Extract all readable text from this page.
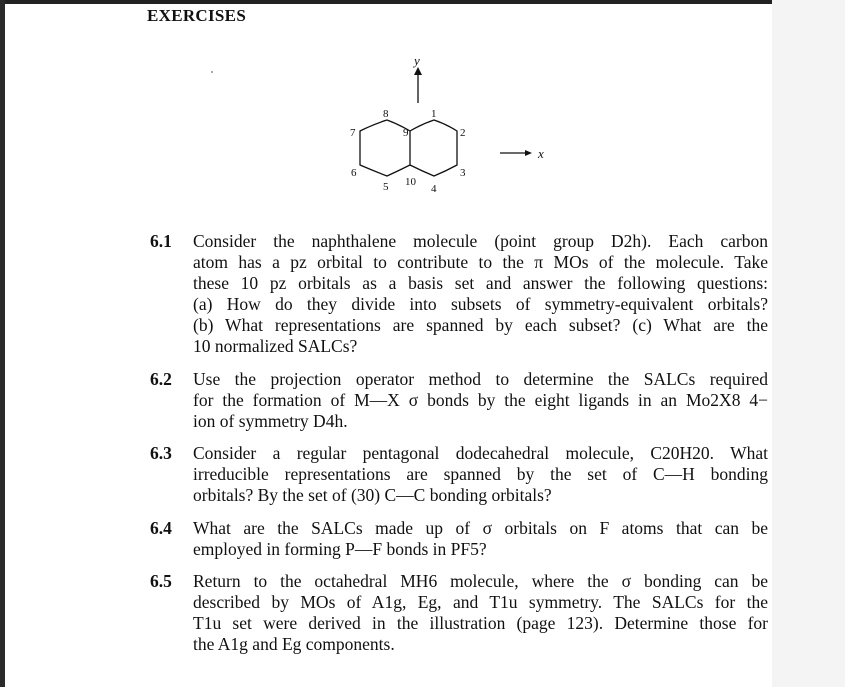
EXERCISES
y
x
8
9
1
7	2
6	3
10
5	4
6.1 Consider the naphthalene molecule (point group D2h). Each carbon
atom has a pz orbital to contribute to the π MOs of the molecule. Take
these 10 pz orbitals as a basis set and answer the following questions:
(a) How do they divide into subsets of symmetry-equivalent orbitals?
(b) What representations are spanned by each subset? (c) What are the
10 normalized SALCs?
6.2 Use the projection operator method to determine the SALCs required
for the formation of M—X σ bonds by the eight ligands in an Mo2X8 4−
ion of symmetry D4h.
6.3 Consider a regular pentagonal dodecahedral molecule, C20H20. What
irreducible representations are spanned by the set of C—H bonding
orbitals? By the set of (30) C—C bonding orbitals?
6.4 What are the SALCs made up of σ orbitals on F atoms that can be
employed in forming P—F bonds in PF5?
6.5 Return to the octahedral MH6 molecule, where the σ bonding can be
described by MOs of A1g, Eg, and T1u symmetry. The SALCs for the
T1u set were derived in the illustration (page 123). Determine those for
the A1g and Eg components.
